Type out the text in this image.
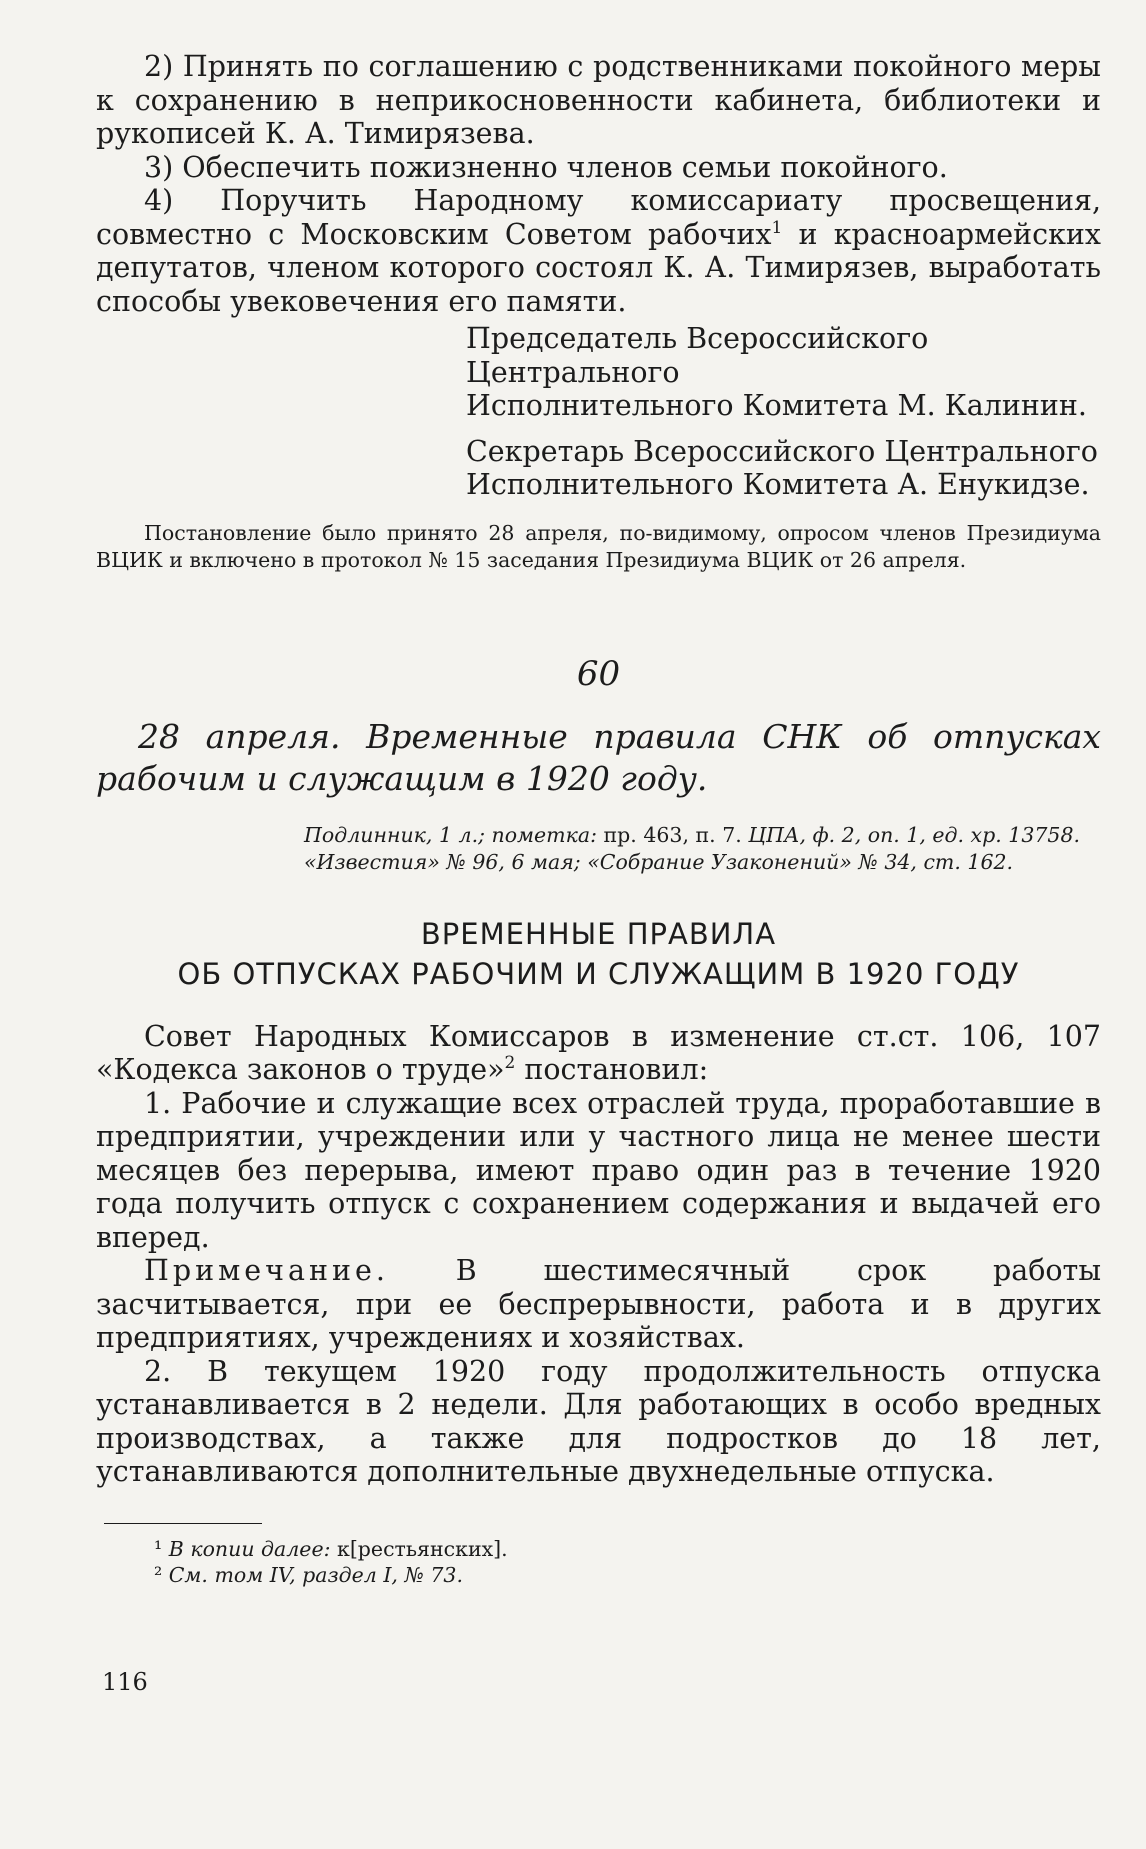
2) Принять по соглашению с родственниками покойного меры к сохранению в неприкосновенности кабинета, библиотеки и рукописей К. А. Тимирязева.

3) Обеспечить пожизненно членов семьи покойного.

4) Поручить Народному комиссариату просвещения, совместно с Московским Советом рабочих$^1$ и красноармейских депутатов, членом которого состоял К. А. Тимирязев, выработать способы увековечения его памяти.

Председатель Всероссийского Центрального
Исполнительного Комитета М. Калинин.
Секретарь Всероссийского Центрального
Исполнительного Комитета А. Енукидзе.

Постановление было принято 28 апреля, по-видимому, опросом членов Президиума ВЦИК и включено в протокол № 15 заседания Президиума ВЦИК от 26 апреля.

60

28 апреля. Временные правила СНК об отпусках рабочим и служащим в 1920 году.

Подлинник, 1 л.; пометка: пр. 463, п. 7. ЦПА, ф. 2, оп. 1, ед. хр. 13758.
«Известия» № 96, 6 мая; «Собрание Узаконений» № 34, ст. 162.
ВРЕМЕННЫЕ ПРАВИЛА
ОБ ОТПУСКАХ РАБОЧИМ И СЛУЖАЩИМ В 1920 ГОДУ

Совет Народных Комиссаров в изменение ст.ст. 106, 107 «Кодекса законов о труде»$^2$ постановил:

1. Рабочие и служащие всех отраслей труда, проработавшие в предприятии, учреждении или у частного лица не менее шести месяцев без перерыва, имеют право один раз в течение 1920 года получить отпуск с сохранением содержания и выдачей его вперед.

Примечание. В шестимесячный срок работы засчитывается, при ее беспрерывности, работа и в других предприятиях, учреждениях и хозяйствах.

2. В текущем 1920 году продолжительность отпуска устанавливается в 2 недели. Для работающих в особо вредных производствах, а также для подростков до 18 лет, устанавливаются дополнительные двухнедельные отпуска.

¹ В копии далее: к[рестьянских].
² См. том IV, раздел I, № 73.
116
